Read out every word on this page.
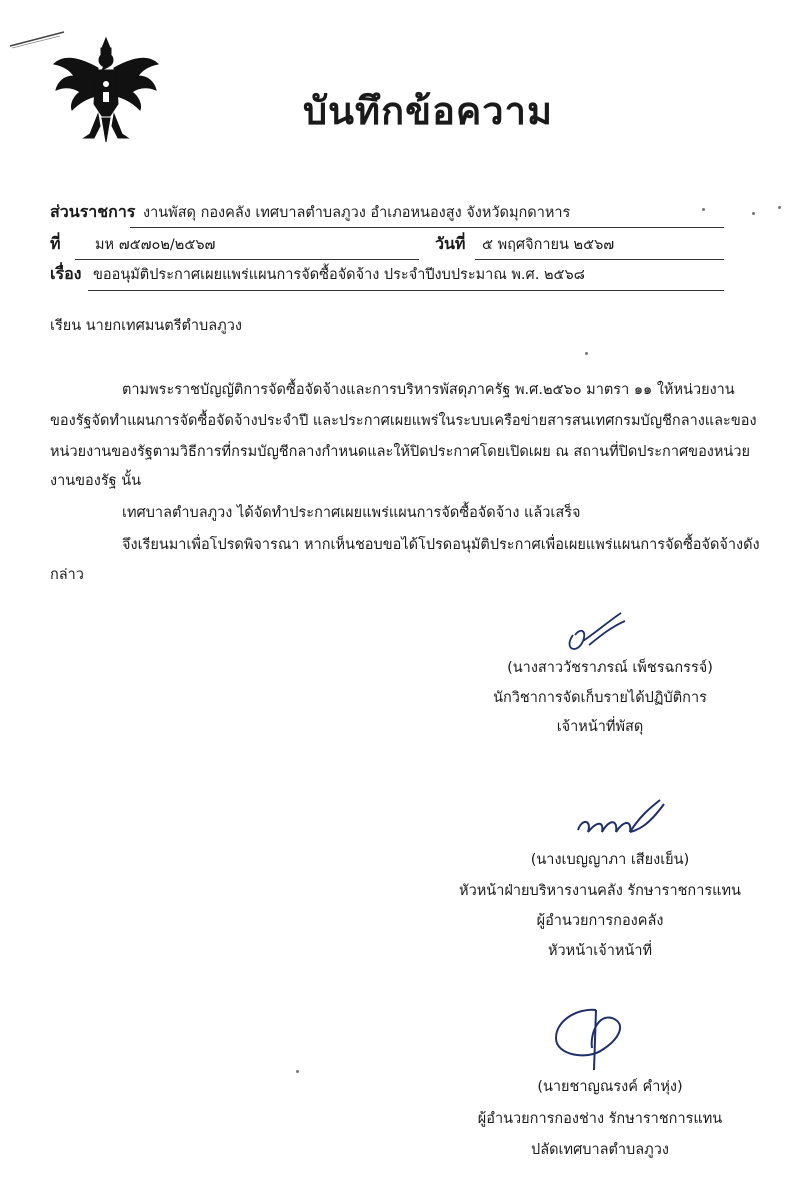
บันทึกข้อความ
ส่วนราชการ งานพัสดุ กองคลัง เทศบาลตำบลภูวง อำเภอหนองสูง จังหวัดมุกดาหาร
ที่ มห ๗๕๗๐๒/๒๕๖๗	วันที่ ๕ พฤศจิกายน ๒๕๖๗
เรื่อง ขออนุมัติประกาศเผยแพร่แผนการจัดซื้อจัดจ้าง ประจำปีงบประมาณ พ.ศ. ๒๕๖๘
เรียน นายกเทศมนตรีตำบลภูวง
ตามพระราชบัญญัติการจัดซื้อจัดจ้างและการบริหารพัสดุภาครัฐ พ.ศ.๒๕๖๐ มาตรา ๑๑ ให้หน่วยงาน
ของรัฐจัดทำแผนการจัดซื้อจัดจ้างประจำปี และประกาศเผยแพร่ในระบบเครือข่ายสารสนเทศกรมบัญชีกลางและของ
หน่วยงานของรัฐตามวิธีการที่กรมบัญชีกลางกำหนดและให้ปิดประกาศโดยเปิดเผย ณ สถานที่ปิดประกาศของหน่วย
งานของรัฐ นั้น
เทศบาลตำบลภูวง ได้จัดทำประกาศเผยแพร่แผนการจัดซื้อจัดจ้าง แล้วเสร็จ
จึงเรียนมาเพื่อโปรดพิจารณา หากเห็นชอบขอได้โปรดอนุมัติประกาศเพื่อเผยแพร่แผนการจัดซื้อจัดจ้างดัง
กล่าว
(นางสาววัชราภรณ์ เพ็ชรฉกรรจ์)
นักวิชาการจัดเก็บรายได้ปฏิบัติการ
เจ้าหน้าที่พัสดุ
(นางเบญญาภา เสียงเย็น)
หัวหน้าฝ่ายบริหารงานคลัง รักษาราชการแทน
ผู้อำนวยการกองคลัง
หัวหน้าเจ้าหน้าที่
(นายชาญณรงค์ คำหุ่ง)
ผู้อำนวยการกองช่าง รักษาราชการแทน
ปลัดเทศบาลตำบลภูวง
